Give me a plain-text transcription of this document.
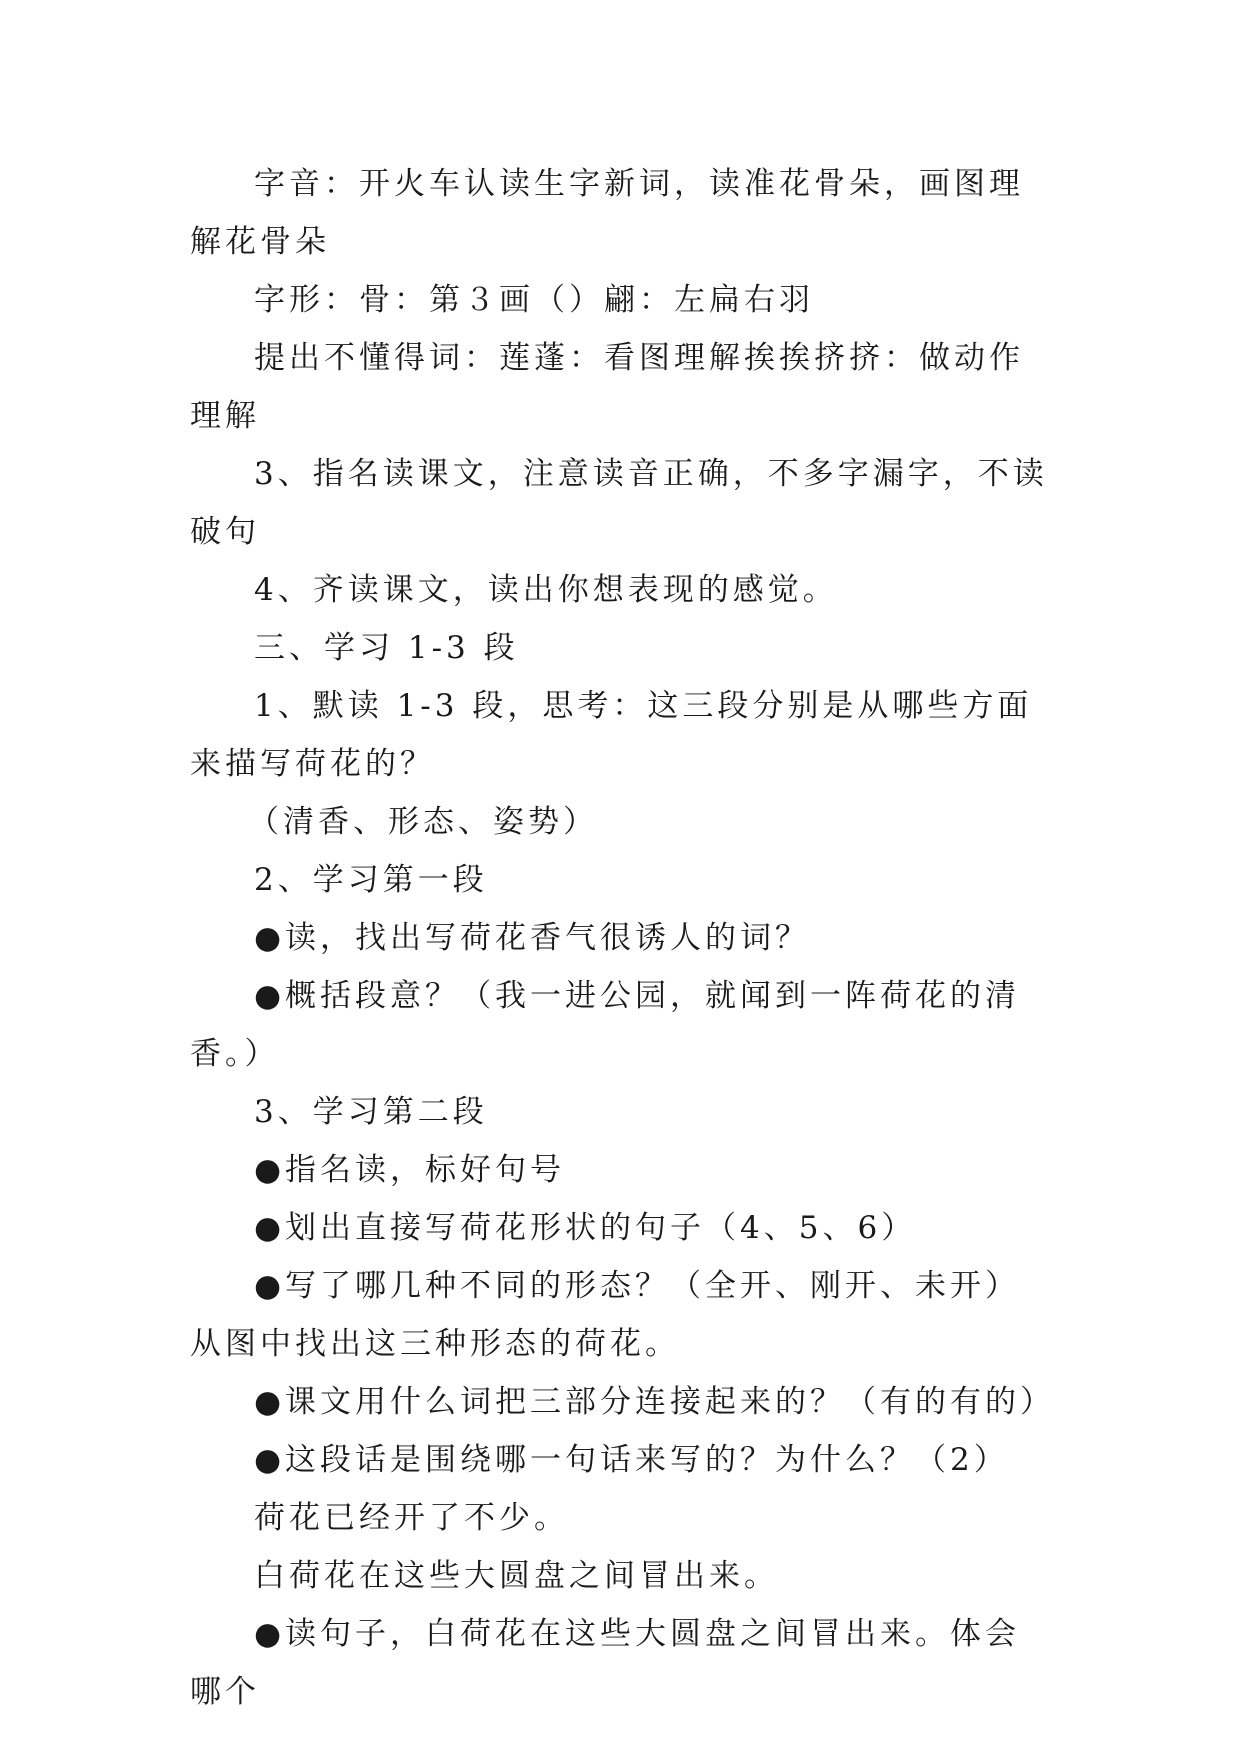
字音：开火车认读生字新词，读准花骨朵，画图理解花骨朵

字形：骨：第３画（）翩：左扁右羽

提出不懂得词：莲蓬：看图理解挨挨挤挤：做动作理解

3、指名读课文，注意读音正确，不多字漏字，不读破句

4、齐读课文，读出你想表现的感觉。

三、学习 1-3 段

1、默读 1-3 段，思考：这三段分别是从哪些方面来描写荷花的？

（清香、形态、姿势）

2、学习第一段

●读，找出写荷花香气很诱人的词？

●概括段意？（我一进公园，就闻到一阵荷花的清香。）

3、学习第二段

●指名读，标好句号

●划出直接写荷花形状的句子（4、5、6）

●写了哪几种不同的形态？（全开、刚开、未开）从图中找出这三种形态的荷花。

●课文用什么词把三部分连接起来的？（有的有的）

●这段话是围绕哪一句话来写的？为什么？（2）

荷花已经开了不少。

白荷花在这些大圆盘之间冒出来。

●读句子，白荷花在这些大圆盘之间冒出来。体会哪个
